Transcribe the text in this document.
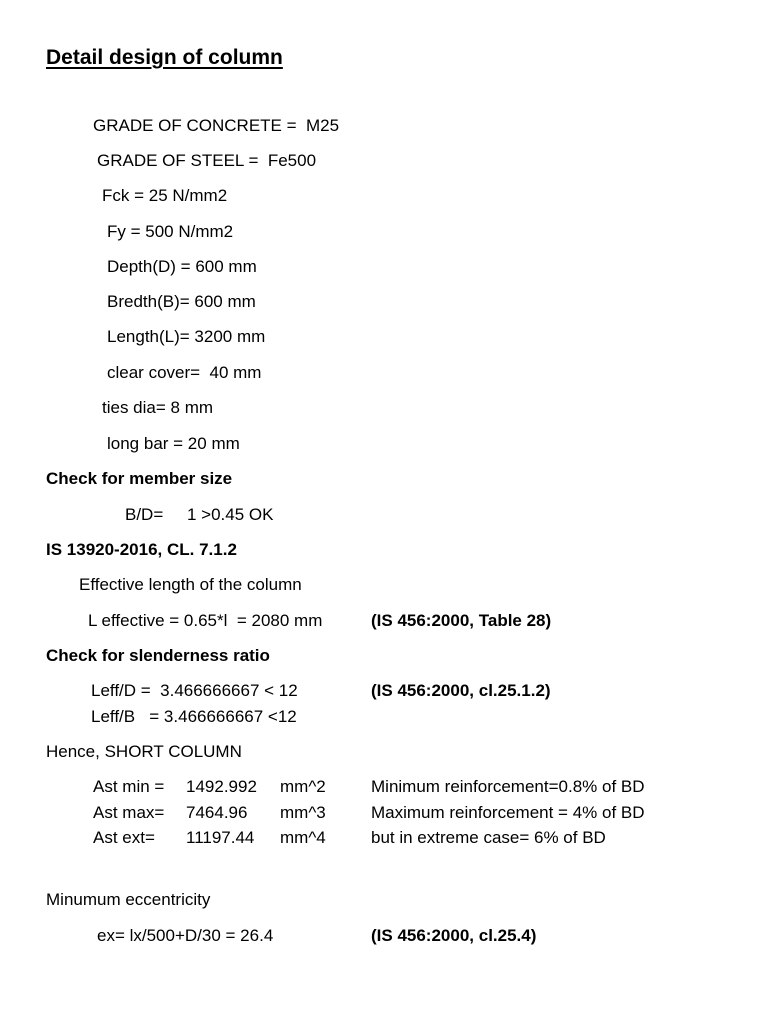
Detail design of column
GRADE OF CONCRETE =  M25
GRADE OF STEEL =  Fe500
Fck = 25 N/mm2
Fy = 500 N/mm2
Depth(D) = 600 mm
Bredth(B)= 600 mm
Length(L)= 3200 mm
clear cover=  40 mm
ties dia= 8 mm
long bar = 20 mm
Check for member size
B/D= 1 >0.45 OK
IS 13920-2016, CL. 7.1.2
Effective length of the column
L effective = 0.65*l  = 2080 mm	(IS 456:2000, Table 28)
Check for slenderness ratio
Leff/D =  3.466666667 < 12	(IS 456:2000, cl.25.1.2)
Leff/B   = 3.466666667 <12
Hence, SHORT COLUMN
Ast min = 1492.992 mm^2	Minimum reinforcement=0.8% of BD
Ast max= 7464.96 mm^3	Maximum reinforcement = 4% of BD
Ast ext= 11197.44 mm^4	but in extreme case= 6% of BD
Minumum eccentricity
ex= lx/500+D/30 = 26.4	(IS 456:2000, cl.25.4)
